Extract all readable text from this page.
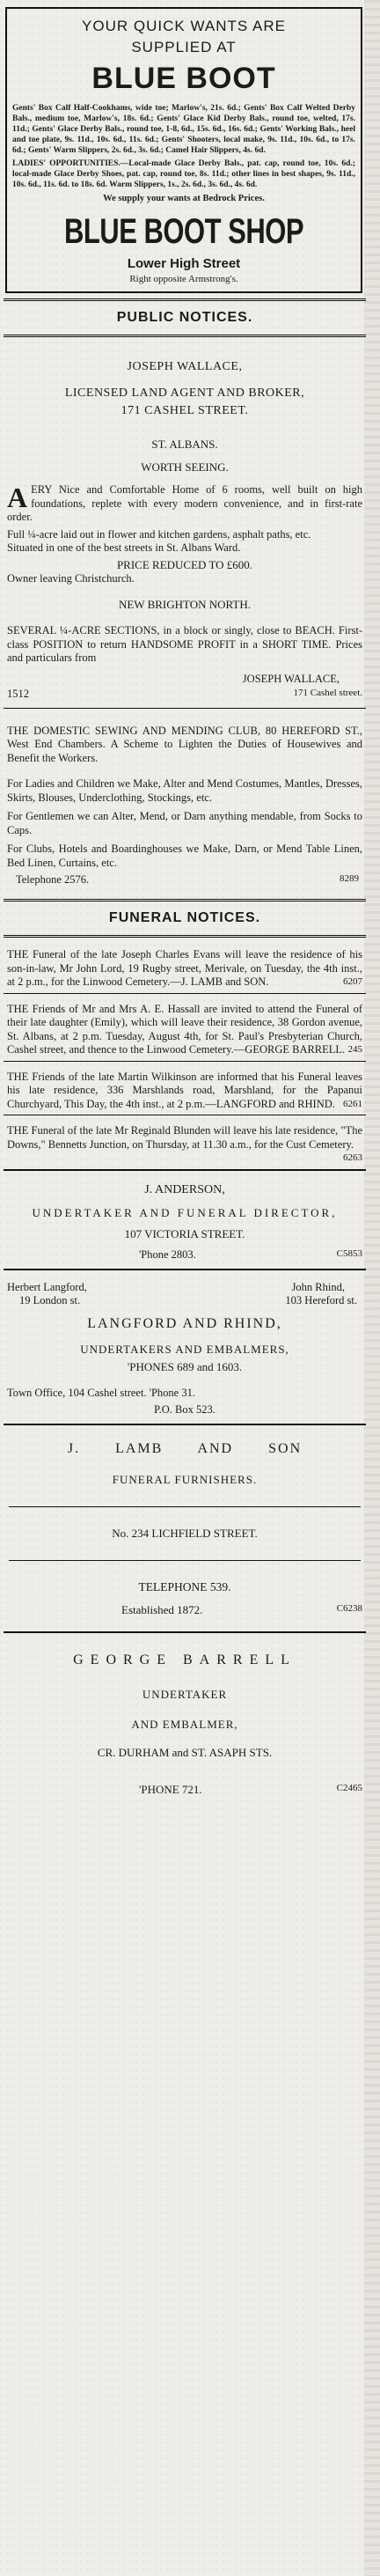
YOUR QUICK WANTS ARE
SUPPLIED AT
BLUE BOOT
Gents' Box Calf Half-Cookhams, wide toe; Marlow's, 21s. 6d.; Gents' Box Calf Welted Derby Bals., medium toe, Marlow's, 18s. 6d.; Gents' Glace Kid Derby Bals., round toe, welted, 17s. 11d.; Gents' Glace Derby Bals., round toe, 1-8, 6d., 15s. 6d., 16s. 6d.; Gents' Working Bals., heel and toe plate, 9s. 11d., 10s. 6d., 11s. 6d.; Gents' Shooters, local make, 9s. 11d., 10s. 6d., to 17s. 6d.; Gents' Warm Slippers, 2s. 6d., 3s. 6d.; Camel Hair Slippers, 4s. 6d.
LADIES' OPPORTUNITIES.—Local-made Glace Derby Bals., pat. cap, round toe, 10s. 6d.; local-made Glace Derby Shoes, pat. cap, round toe, 8s. 11d.; other lines in best shapes, 9s. 11d., 10s. 6d., 11s. 6d. to 18s. 6d. Warm Slippers, 1s., 2s. 6d., 3s. 6d., 4s. 6d.
We supply your wants at Bedrock Prices.
BLUE BOOT SHOP
Lower High Street
Right opposite Armstrong's.
PUBLIC NOTICES.
JOSEPH WALLACE,
LICENSED LAND AGENT AND BROKER,
171 CASHEL STREET.
ST. ALBANS.
WORTH SEEING.
AERY Nice and Comfortable Home of 6 rooms, well built on high foundations, replete with every modern convenience, and in first-rate order.
Full ¼-acre laid out in flower and kitchen gardens, asphalt paths, etc.
Situated in one of the best streets in St. Albans Ward.
PRICE REDUCED TO £600.
Owner leaving Christchurch.
NEW BRIGHTON NORTH.
SEVERAL ¼-ACRE SECTIONS, in a block or singly, close to BEACH. First-class POSITION to return HANDSOME PROFIT in a SHORT TIME. Prices and particulars from
JOSEPH WALLACE,
1512	171 Cashel street.
THE DOMESTIC SEWING AND MENDING CLUB, 80 HEREFORD ST., West End Chambers. A Scheme to Lighten the Duties of Housewives and Benefit the Workers.
For Ladies and Children we Make, Alter and Mend Costumes, Mantles, Dresses, Skirts, Blouses, Underclothing, Stockings, etc.
For Gentlemen we can Alter, Mend, or Darn anything mendable, from Socks to Caps.
For Clubs, Hotels and Boardinghouses we Make, Darn, or Mend Table Linen, Bed Linen, Curtains, etc.
Telephone 2576.	8289
FUNERAL NOTICES.
THE Funeral of the late Joseph Charles Evans will leave the residence of his son-in-law, Mr John Lord, 19 Rugby street, Merivale, on Tuesday, the 4th inst., at 2 p.m., for the Linwood Cemetery.—J. LAMB and SON.	6207
THE Friends of Mr and Mrs A. E. Hassall are invited to attend the Funeral of their late daughter (Emily), which will leave their residence, 38 Gordon avenue, St. Albans, at 2 p.m. Tuesday, August 4th, for St. Paul's Presbyterian Church, Cashel street, and thence to the Linwood Cemetery.—GEORGE BARRELL. 245
THE Friends of the late Martin Wilkinson are informed that his Funeral leaves his late residence, 336 Marshlands road, Marshland, for the Papanui Churchyard, This Day, the 4th inst., at 2 p.m.—LANGFORD and RHIND. 6261
THE Funeral of the late Mr Reginald Blunden will leave his late residence, "The Downs," Bennetts Junction, on Thursday, at 11.30 a.m., for the Cust Cemetery.
6263
J. ANDERSON,
UNDERTAKER AND FUNERAL DIRECTOR,
107 VICTORIA STREET.
'Phone 2803.	C5853
Herbert Langford,	John Rhind,
19 London st.	103 Hereford st.
LANGFORD AND RHIND,
UNDERTAKERS AND EMBALMERS,
'PHONES 689 and 1603.
Town Office, 104 Cashel street. 'Phone 31.
P.O. Box 523.
J. LAMB AND SON
FUNERAL FURNISHERS.
No. 234 LICHFIELD STREET.
TELEPHONE 539.
Established 1872.	C6238
GEORGE BARRELL
UNDERTAKER
AND EMBALMER,
CR. DURHAM and ST. ASAPH STS.
'PHONE 721.	C2465
